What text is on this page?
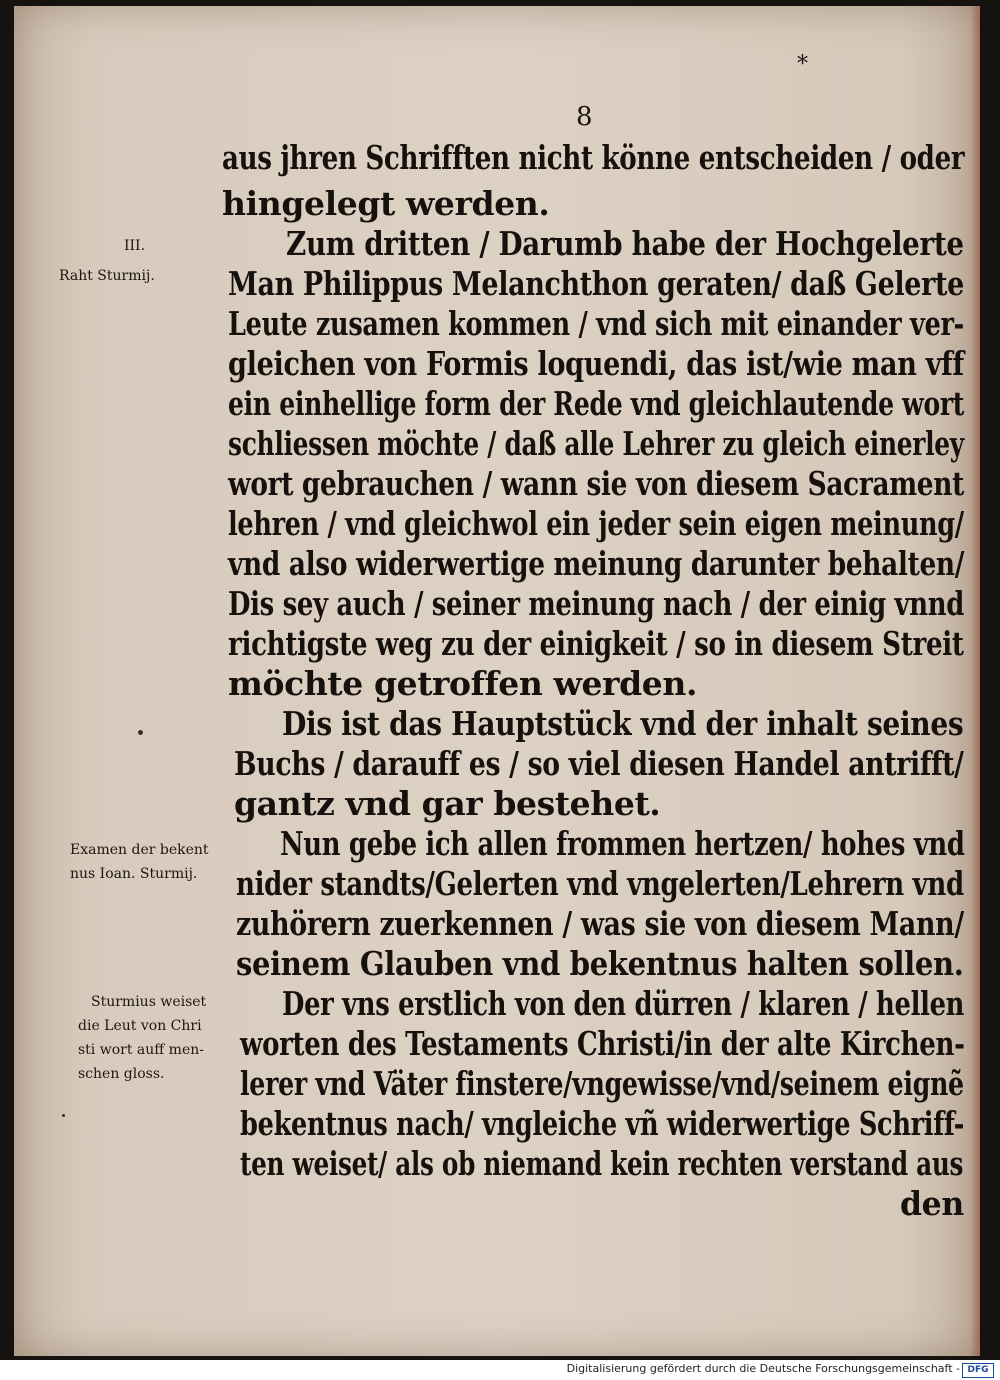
*
8
III.
Raht Sturmij.
Examen der bekent
nus Ioan. Sturmij.
Sturmius weiset
die Leut von Chri
sti wort auff men-
schen gloss.
aus jhren Schrifften nicht könne entscheiden / oder
hingelegt werden.
Zum dritten / Darumb habe der Hochgelerte
Man Philippus Melanchthon geraten/ daß Gelerte
Leute zusamen kommen / vnd sich mit einander ver-
gleichen von Formis loquendi, das ist/wie man vff
ein einhellige form der Rede vnd gleichlautende wort
schliessen möchte / daß alle Lehrer zu gleich einerley
wort gebrauchen / wann sie von diesem Sacrament
lehren / vnd gleichwol ein jeder sein eigen meinung/
vnd also widerwertige meinung darunter behalten/
Dis sey auch / seiner meinung nach / der einig vnnd
richtigste weg zu der einigkeit / so in diesem Streit
möchte getroffen werden.
Dis ist das Hauptstück vnd der inhalt seines
Buchs / darauff es / so viel diesen Handel antrifft/
gantz vnd gar bestehet.
Nun gebe ich allen frommen hertzen/ hohes vnd
nider standts/Gelerten vnd vngelerten/Lehrern vnd
zuhörern zuerkennen / was sie von diesem Mann/
seinem Glauben vnd bekentnus halten sollen.
Der vns erstlich von den dürren / klaren / hellen
worten des Testaments Christi/in der alte Kirchen-
lerer vnd Väter finstere/vngewisse/vnd/seinem eignẽ
bekentnus nach/ vngleiche vñ widerwertige Schriff-
ten weiset/ als ob niemand kein rechten verstand aus
den
Digitalisierung gefördert durch die Deutsche Forschungsgemeinschaft - DFG
